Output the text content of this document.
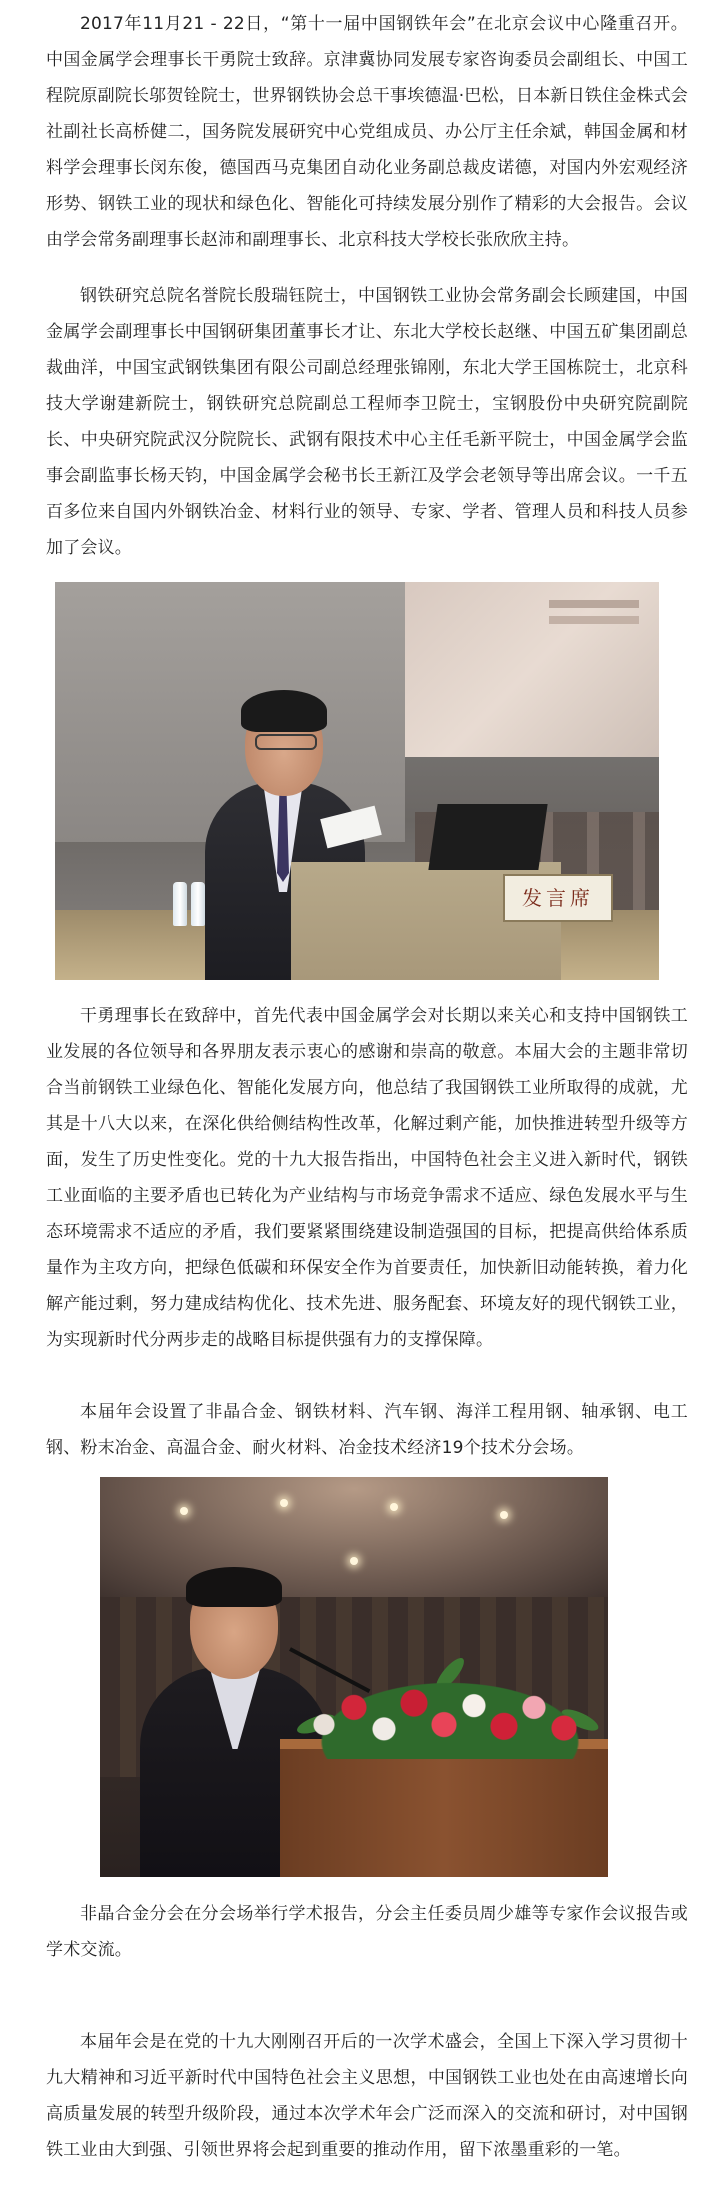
2017年11月21 - 22日，“第十一届中国钢铁年会”在北京会议中心隆重召开。中国金属学会理事长干勇院士致辞。京津冀协同发展专家咨询委员会副组长、中国工程院原副院长邬贺铨院士，世界钢铁协会总干事埃德温·巴松，日本新日铁住金株式会社副社长高桥健二，国务院发展研究中心党组成员、办公厅主任余斌，韩国金属和材料学会理事长闵东俊，德国西马克集团自动化业务副总裁皮诺德，对国内外宏观经济形势、钢铁工业的现状和绿色化、智能化可持续发展分别作了精彩的大会报告。会议由学会常务副理事长赵沛和副理事长、北京科技大学校长张欣欣主持。

钢铁研究总院名誉院长殷瑞钰院士，中国钢铁工业协会常务副会长顾建国，中国金属学会副理事长中国钢研集团董事长才让、东北大学校长赵继、中国五矿集团副总裁曲洋，中国宝武钢铁集团有限公司副总经理张锦刚，东北大学王国栋院士，北京科技大学谢建新院士，钢铁研究总院副总工程师李卫院士，宝钢股份中央研究院副院长、中央研究院武汉分院院长、武钢有限技术中心主任毛新平院士，中国金属学会监事会副监事长杨天钧，中国金属学会秘书长王新江及学会老领导等出席会议。一千五百多位来自国内外钢铁冶金、材料行业的领导、专家、学者、管理人员和科技人员参加了会议。

发言席

干勇理事长在致辞中，首先代表中国金属学会对长期以来关心和支持中国钢铁工业发展的各位领导和各界朋友表示衷心的感谢和崇高的敬意。本届大会的主题非常切合当前钢铁工业绿色化、智能化发展方向，他总结了我国钢铁工业所取得的成就，尤其是十八大以来，在深化供给侧结构性改革，化解过剩产能，加快推进转型升级等方面，发生了历史性变化。党的十九大报告指出，中国特色社会主义进入新时代，钢铁工业面临的主要矛盾也已转化为产业结构与市场竞争需求不适应、绿色发展水平与生态环境需求不适应的矛盾，我们要紧紧围绕建设制造强国的目标，把提高供给体系质量作为主攻方向，把绿色低碳和环保安全作为首要责任，加快新旧动能转换，着力化解产能过剩，努力建成结构优化、技术先进、服务配套、环境友好的现代钢铁工业，为实现新时代分两步走的战略目标提供强有力的支撑保障。

本届年会设置了非晶合金、钢铁材料、汽车钢、海洋工程用钢、轴承钢、电工钢、粉末冶金、高温合金、耐火材料、冶金技术经济19个技术分会场。

非晶合金分会在分会场举行学术报告，分会主任委员周少雄等专家作会议报告或学术交流。

本届年会是在党的十九大刚刚召开后的一次学术盛会，全国上下深入学习贯彻十九大精神和习近平新时代中国特色社会主义思想，中国钢铁工业也处在由高速增长向高质量发展的转型升级阶段，通过本次学术年会广泛而深入的交流和研讨，对中国钢铁工业由大到强、引领世界将会起到重要的推动作用，留下浓墨重彩的一笔。
